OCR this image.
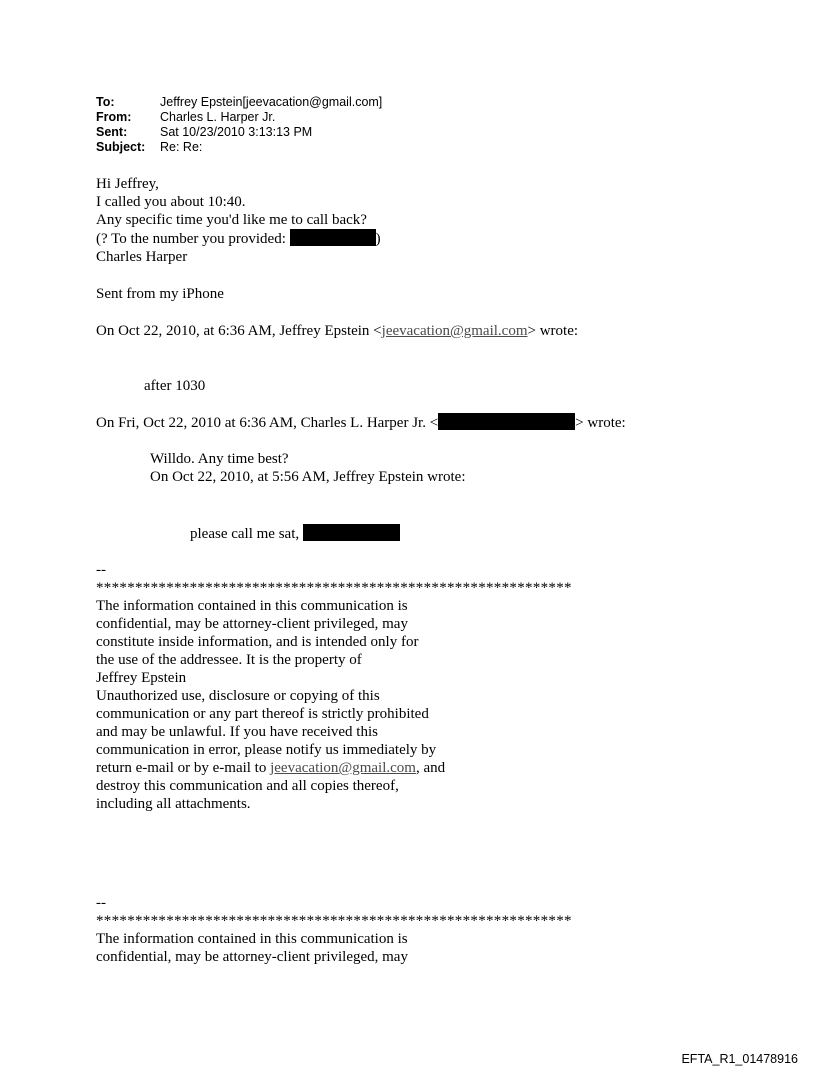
To:	Jeffrey Epstein[jeevacation@gmail.com]
From:	Charles L. Harper Jr.
Sent:	Sat 10/23/2010 3:13:13 PM
Subject:	Re: Re:
Hi Jeffrey,
I called you about 10:40.
Any specific time you'd like me to call back?
(? To the number you provided:	)
Charles Harper
Sent from my iPhone
On Oct 22, 2010, at 6:36 AM, Jeffrey Epstein <jeevacation@gmail.com> wrote:
after 1030
On Fri, Oct 22, 2010 at 6:36 AM, Charles L. Harper Jr. <	> wrote:
Willdo. Any time best?
On Oct 22, 2010, at 5:56 AM, Jeffrey Epstein wrote:
please call me sat,
--
*************************************************************
The information contained in this communication is
confidential, may be attorney-client privileged, may
constitute inside information, and is intended only for
the use of the addressee. It is the property of
Jeffrey Epstein
Unauthorized use, disclosure or copying of this
communication or any part thereof is strictly prohibited
and may be unlawful. If you have received this
communication in error, please notify us immediately by
return e-mail or by e-mail to jeevacation@gmail.com, and
destroy this communication and all copies thereof,
including all attachments.
--
*************************************************************
The information contained in this communication is
confidential, may be attorney-client privileged, may
EFTA_R1_01478916
